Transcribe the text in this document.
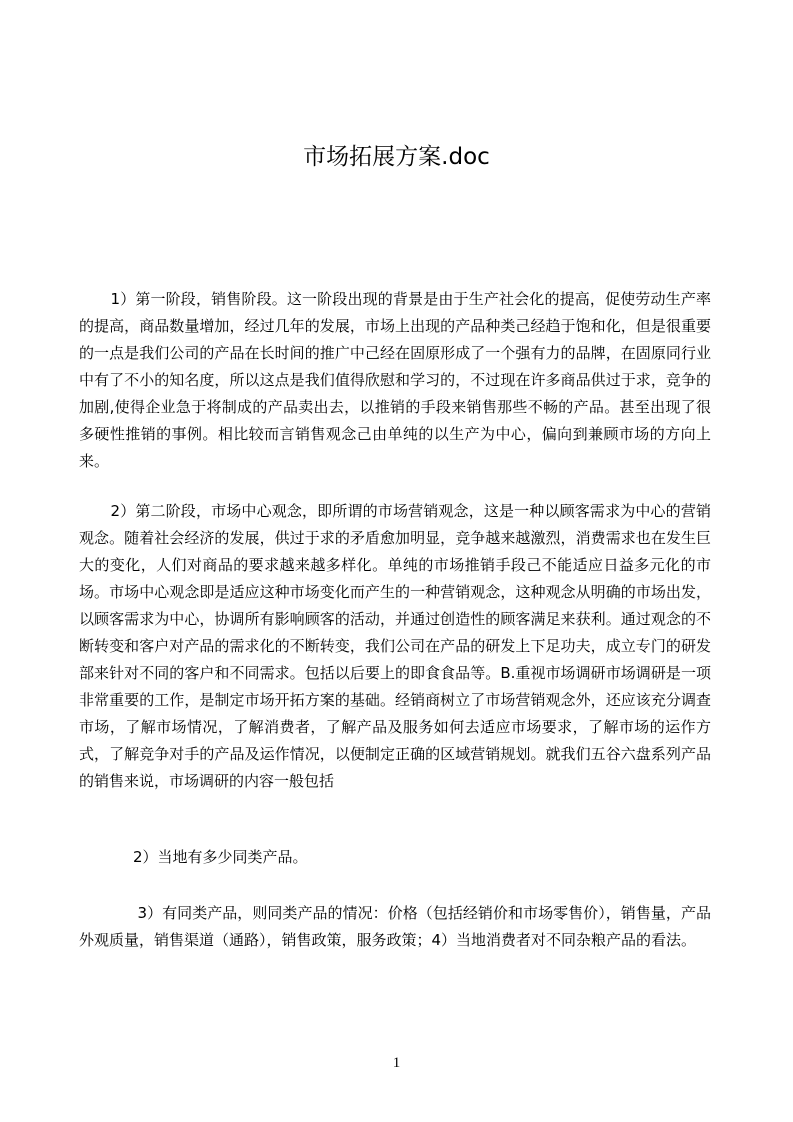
市场拓展方案.doc

1）第一阶段，销售阶段。这一阶段出现的背景是由于生产社会化的提高，促使劳动生产率的提高，商品数量增加，经过几年的发展，市场上出现的产品种类己经趋于饱和化，但是很重要的一点是我们公司的产品在长时间的推广中己经在固原形成了一个强有力的品牌，在固原同行业中有了不小的知名度，所以这点是我们值得欣慰和学习的，不过现在许多商品供过于求，竞争的加剧,使得企业急于将制成的产品卖出去，以推销的手段来销售那些不畅的产品。甚至出现了很多硬性推销的事例。相比较而言销售观念己由单纯的以生产为中心，偏向到兼顾市场的方向上来。

2）第二阶段，市场中心观念，即所谓的市场营销观念，这是一种以顾客需求为中心的营销观念。随着社会经济的发展，供过于求的矛盾愈加明显，竞争越来越激烈，消费需求也在发生巨大的变化，人们对商品的要求越来越多样化。单纯的市场推销手段己不能适应日益多元化的市场。市场中心观念即是适应这种市场变化而产生的一种营销观念，这种观念从明确的市场出发，以顾客需求为中心，协调所有影响顾客的活动，并通过创造性的顾客满足来获利。通过观念的不断转变和客户对产品的需求化的不断转变，我们公司在产品的研发上下足功夫，成立专门的研发部来针对不同的客户和不同需求。包括以后要上的即食食品等。B.重视市场调研市场调研是一项非常重要的工作，是制定市场开拓方案的基础。经销商树立了市场营销观念外，还应该充分调查市场，了解市场情况，了解消费者，了解产品及服务如何去适应市场要求，了解市场的运作方式，了解竞争对手的产品及运作情况，以便制定正确的区域营销规划。就我们五谷六盘系列产品的销售来说，市场调研的内容一般包括

2）当地有多少同类产品。

3）有同类产品，则同类产品的情况：价格（包括经销价和市场零售价），销售量，产品外观质量，销售渠道（通路），销售政策，服务政策；4）当地消费者对不同杂粮产品的看法。

1
